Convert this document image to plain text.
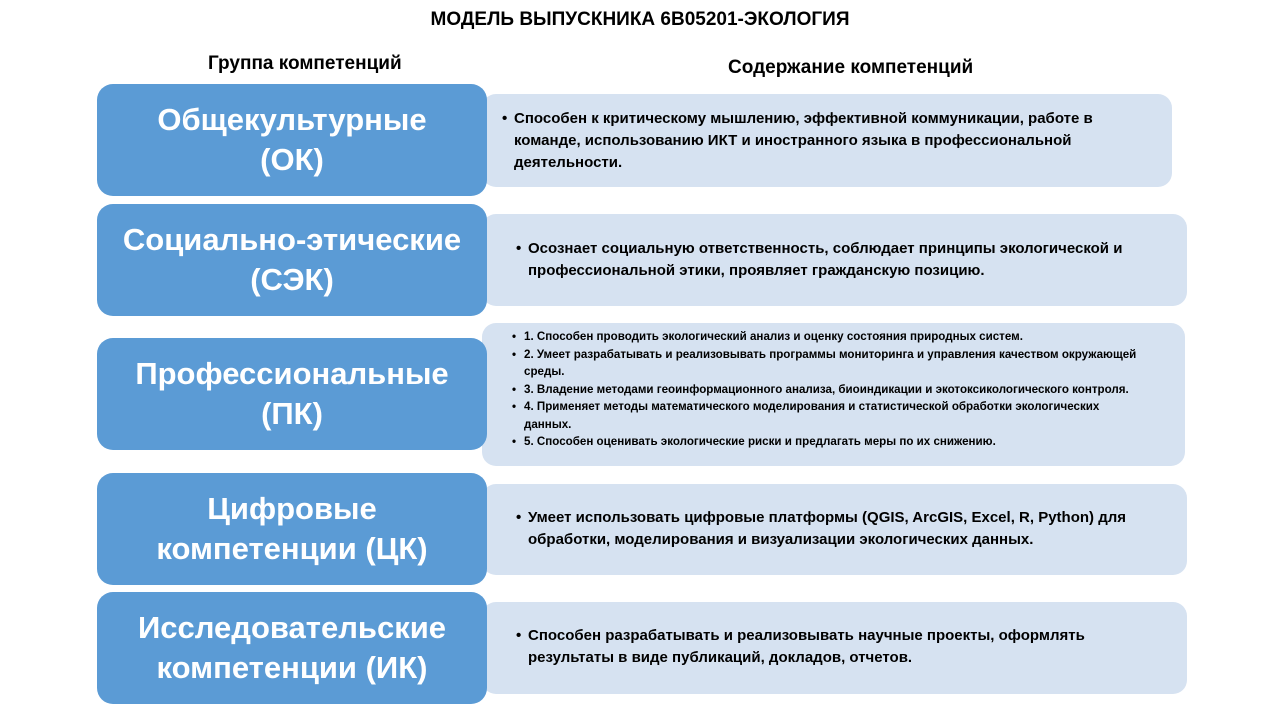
МОДЕЛЬ ВЫПУСКНИКА 6В05201-ЭКОЛОГИЯ
Группа компетенций	Содержание компетенций
• Способен к критическому мышлению, эффективной коммуникации, работе в команде, использованию ИКТ и иностранного языка в профессиональной деятельности.
Общекультурные
(ОК)
• Осознает социальную ответственность, соблюдает принципы экологической и профессиональной этики, проявляет гражданскую позицию.
Социально-этические
(СЭК)
• 1. Способен проводить экологический анализ и оценку состояния природных систем.
• 2. Умеет разрабатывать и реализовывать программы мониторинга и управления качеством окружающей среды.
• 3. Владение методами геоинформационного анализа, биоиндикации и экотоксикологического контроля.
• 4. Применяет методы математического моделирования и статистической обработки экологических данных.
• 5. Способен оценивать экологические риски и предлагать меры по их снижению.
Профессиональные
(ПК)
• Умеет использовать цифровые платформы (QGIS, ArcGIS, Excel, R, Python) для обработки, моделирования и визуализации экологических данных.
Цифровые
компетенции (ЦК)
• Способен разрабатывать и реализовывать научные проекты, оформлять результаты в виде публикаций, докладов, отчетов.
Исследовательские
компетенции (ИК)
